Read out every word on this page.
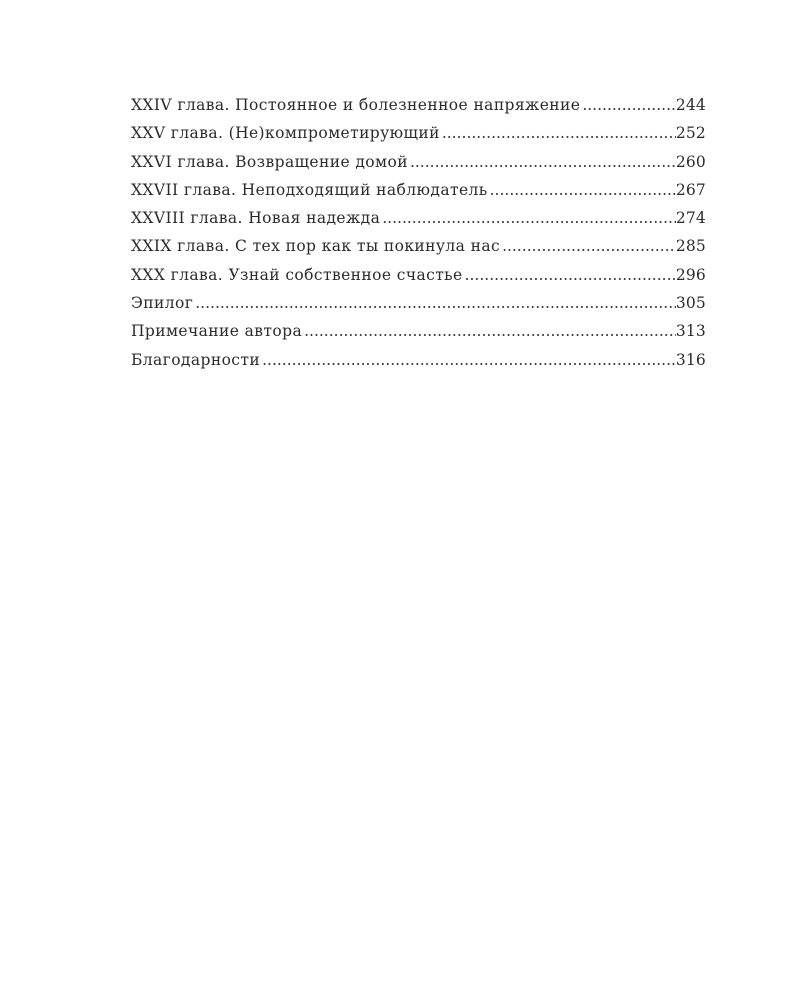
XXIV глава. Постоянное и болезненное напряжение .....	244
XXV глава. (Не)компрометирующий .....	252
XXVI глава. Возвращение домой .....	260
XXVII глава. Неподходящий наблюдатель .....	267
XXVIII глава. Новая надежда .....	274
XXIX глава. С тех пор как ты покинула нас .....	285
XXX глава. Узнай собственное счастье .....	296
Эпилог .....	305
Примечание автора .....	313
Благодарности .....	316
